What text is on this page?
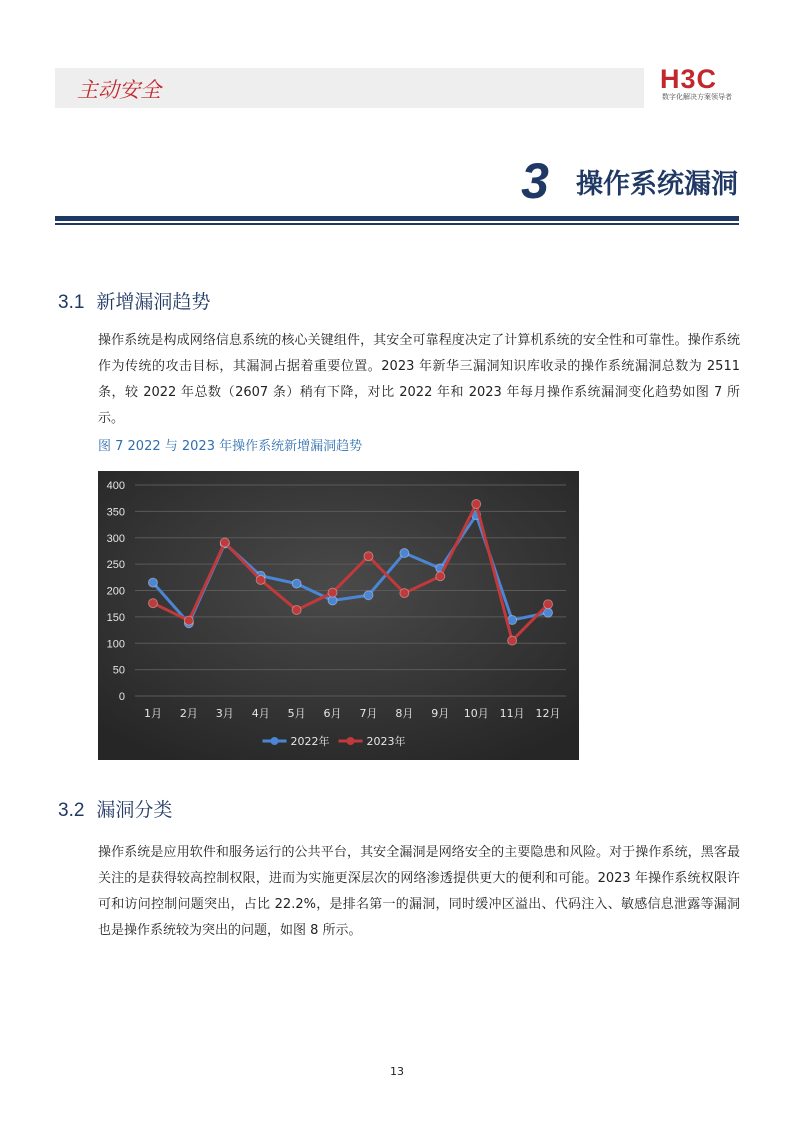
主动安全	H3C
数字化解决方案领导者
3 操作系统漏洞
3.1 新增漏洞趋势
操作系统是构成网络信息系统的核心关键组件，其安全可靠程度决定了计算机系统的安全性和可靠性。操作系统作为传统的攻击目标，其漏洞占据着重要位置。2023 年新华三漏洞知识库收录的操作系统漏洞总数为 2511 条，较 2022 年总数（2607 条）稍有下降，对比 2022 年和 2023 年每月操作系统漏洞变化趋势如图 7 所示。
图 7 2022 与 2023 年操作系统新增漏洞趋势
0
50
100
150
200
250
300
350
400
1月 2月 3月 4月 5月 6月 7月 8月 9月 10月 11月 12月
2022年	2023年
3.2 漏洞分类
操作系统是应用软件和服务运行的公共平台，其安全漏洞是网络安全的主要隐患和风险。对于操作系统，黑客最关注的是获得较高控制权限，进而为实施更深层次的网络渗透提供更大的便利和可能。2023 年操作系统权限许可和访问控制问题突出，占比 22.2%，是排名第一的漏洞，同时缓冲区溢出、代码注入、敏感信息泄露等漏洞也是操作系统较为突出的问题，如图 8 所示。
13
